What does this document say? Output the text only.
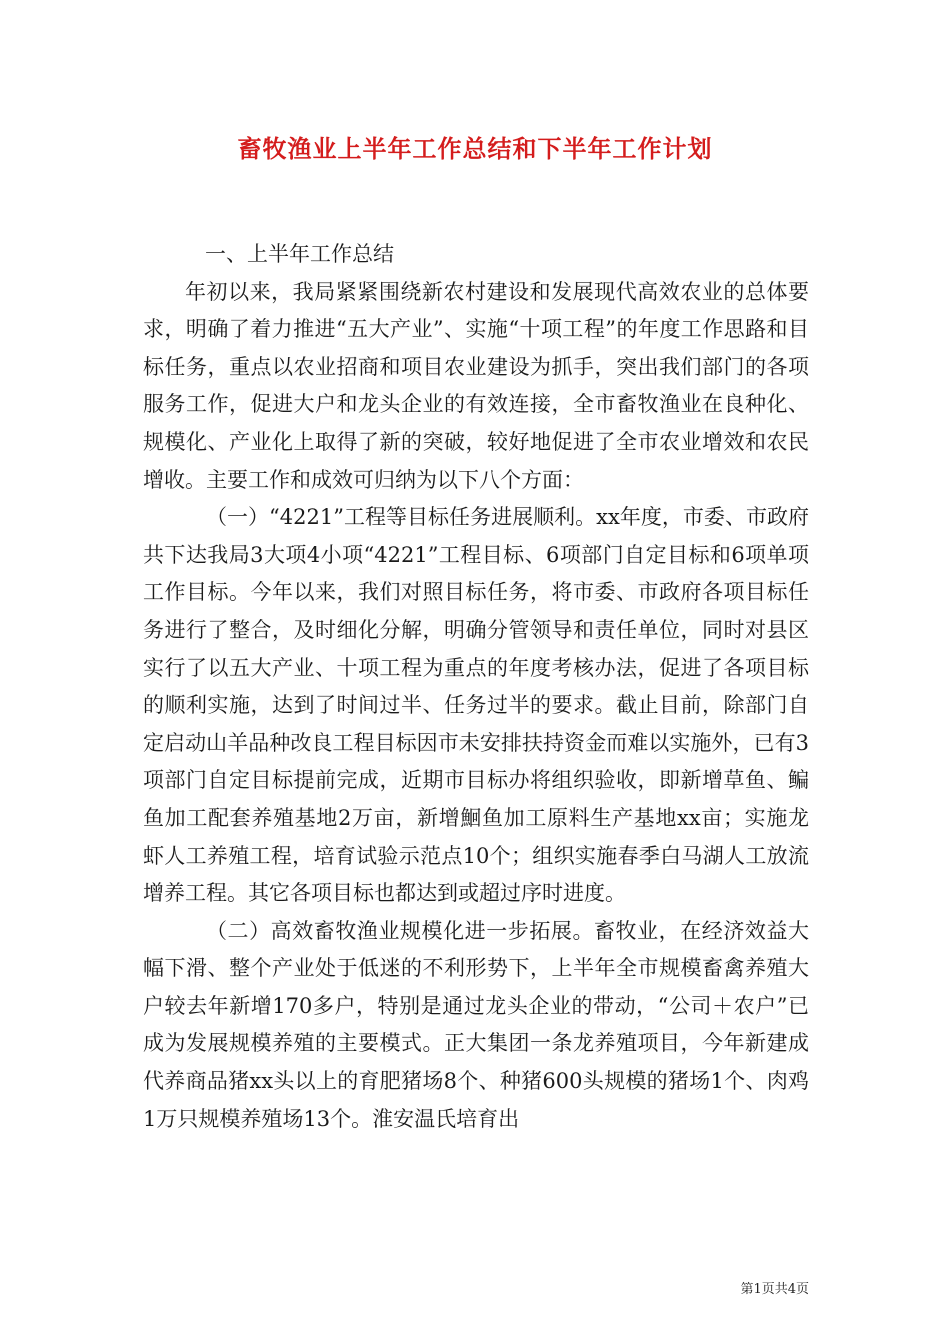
畜牧渔业上半年工作总结和下半年工作计划

一、上半年工作总结

年初以来，我局紧紧围绕新农村建设和发展现代高效农业的总体要求，明确了着力推进“五大产业”、实施“十项工程”的年度工作思路和目标任务，重点以农业招商和项目农业建设为抓手，突出我们部门的各项服务工作，促进大户和龙头企业的有效连接，全市畜牧渔业在良种化、规模化、产业化上取得了新的突破，较好地促进了全市农业增效和农民增收。主要工作和成效可归纳为以下八个方面：

（一）“4221”工程等目标任务进展顺利。xx年度，市委、市政府共下达我局3大项4小项“4221”工程目标、6项部门自定目标和6项单项工作目标。今年以来，我们对照目标任务，将市委、市政府各项目标任务进行了整合，及时细化分解，明确分管领导和责任单位，同时对县区实行了以五大产业、十项工程为重点的年度考核办法，促进了各项目标的顺利实施，达到了时间过半、任务过半的要求。截止目前，除部门自定启动山羊品种改良工程目标因市未安排扶持资金而难以实施外，已有3项部门自定目标提前完成，近期市目标办将组织验收，即新增草鱼、鳊鱼加工配套养殖基地2万亩，新增鮰鱼加工原料生产基地xx亩；实施龙虾人工养殖工程，培育试验示范点10个；组织实施春季白马湖人工放流增养工程。其它各项目标也都达到或超过序时进度。

（二）高效畜牧渔业规模化进一步拓展。畜牧业，在经济效益大幅下滑、整个产业处于低迷的不利形势下，上半年全市规模畜禽养殖大户较去年新增170多户，特别是通过龙头企业的带动，“公司＋农户”已成为发展规模养殖的主要模式。正大集团一条龙养殖项目，今年新建成代养商品猪xx头以上的育肥猪场8个、种猪600头规模的猪场1个、肉鸡1万只规模养殖场13个。淮安温氏培育出

第1页共4页
